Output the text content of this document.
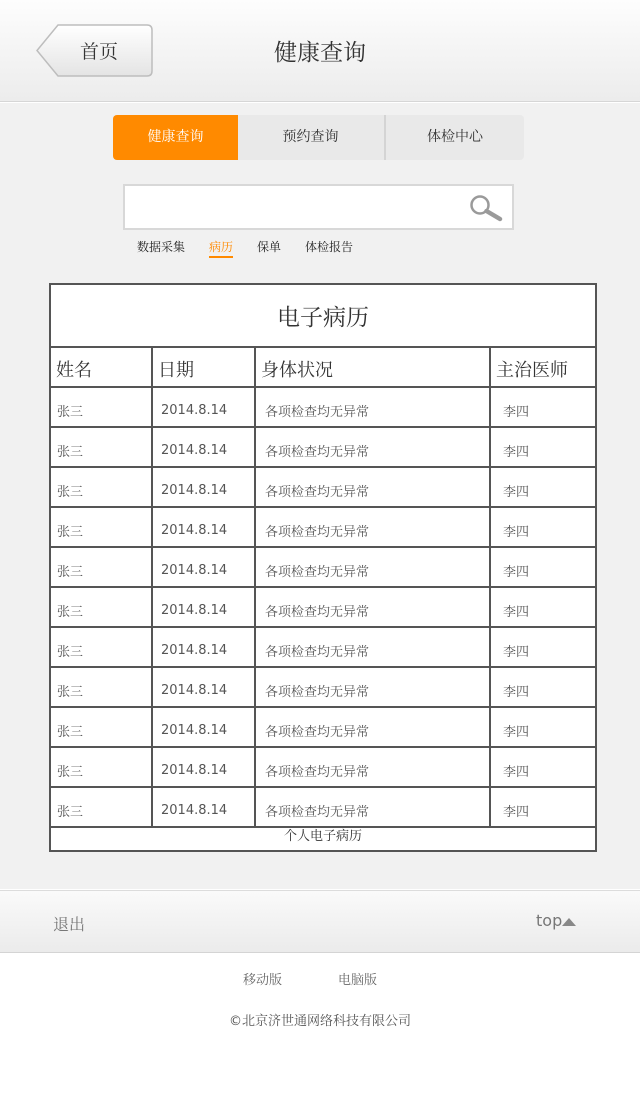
首页	健康查询
健康查询	预约查询	体检中心
数据采集 病历 保单 体检报告
电子病历
姓名	日期	身体状况	主治医师
张三	2014.8.14	各项检查均无异常	李四
张三	2014.8.14	各项检查均无异常	李四
张三	2014.8.14	各项检查均无异常	李四
张三	2014.8.14	各项检查均无异常	李四
张三	2014.8.14	各项检查均无异常	李四
张三	2014.8.14	各项检查均无异常	李四
张三	2014.8.14	各项检查均无异常	李四
张三	2014.8.14	各项检查均无异常	李四
张三	2014.8.14	各项检查均无异常	李四
张三	2014.8.14	各项检查均无异常	李四
张三	2014.8.14	各项检查均无异常	李四
个人电子病历
退出	top
移动版	电脑版
©北京济世通网络科技有限公司
